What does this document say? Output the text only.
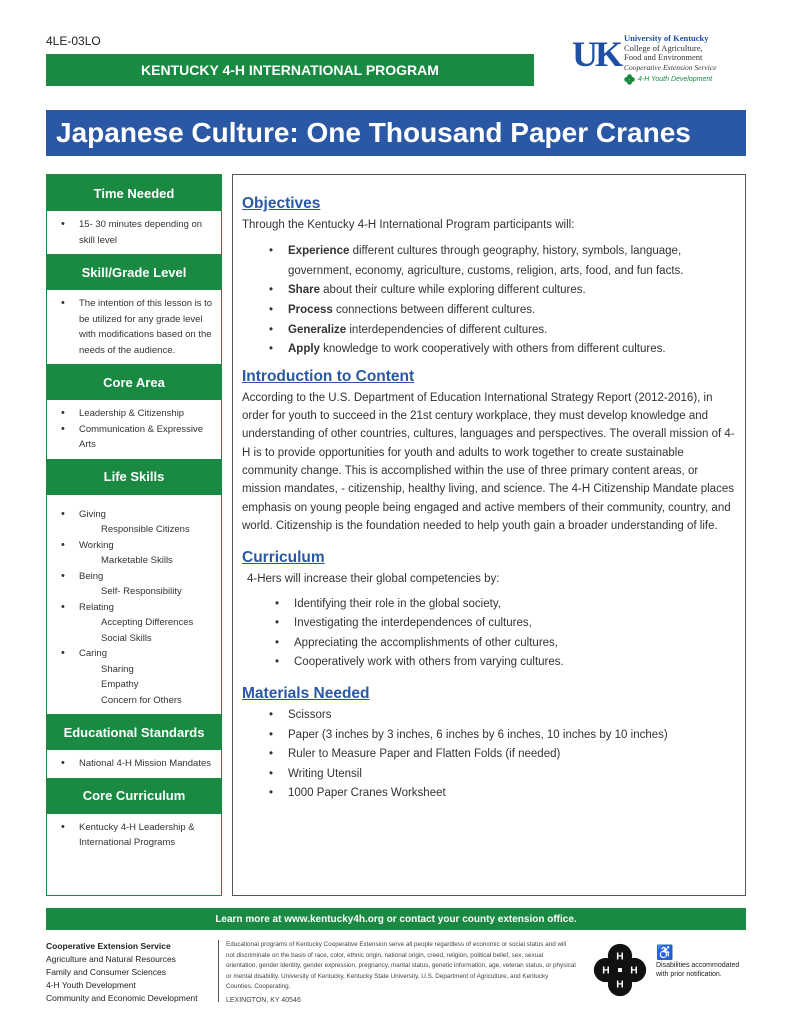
4LE-03LO
KENTUCKY 4-H INTERNATIONAL PROGRAM	UK University of Kentucky
College of Agriculture,
Food and Environment
Cooperative Extension Service
4-H Youth Development
Japanese Culture: One Thousand Paper Cranes
Time Needed
• 15- 30 minutes depending on skill level
Skill/Grade Level
• The intention of this lesson is to be utilized for any grade level with modifications based on the needs of the audience.
Core Area
• Leadership & Citizenship
• Communication & Expressive Arts
Life Skills
• Giving
Responsible Citizens
• Working
Marketable Skills
• Being
Self- Responsibility
• Relating
Accepting Differences
Social Skills
• Caring
Sharing
Empathy
Concern for Others
Educational Standards
• National 4-H Mission Mandates
Core Curriculum
• Kentucky 4-H Leadership & International Programs
Objectives

Through the Kentucky 4-H International Program participants will:

• Experience different cultures through geography, history, symbols, language, government, economy, agriculture, customs, religion, arts, food, and fun facts.
• Share about their culture while exploring different cultures.
• Process connections between different cultures.
• Generalize interdependencies of different cultures.
• Apply knowledge to work cooperatively with others from different cultures.
Introduction to Content

According to the U.S. Department of Education International Strategy Report (2012-2016), in order for youth to succeed in the 21st century workplace, they must develop knowledge and understanding of other countries, cultures, languages and perspectives. The overall mission of 4-H is to provide opportunities for youth and adults to work together to create sustainable community change. This is accomplished within the use of three primary content areas, or mission mandates, - citizenship, healthy living, and science. The 4-H Citizenship Mandate places emphasis on young people being engaged and active members of their community, country, and world. Citizenship is the foundation needed to help youth gain a broader understanding of life.

Curriculum

4-Hers will increase their global competencies by:

• Identifying their role in the global society,
• Investigating the interdependences of cultures,
• Appreciating the accomplishments of other cultures,
• Cooperatively work with others from varying cultures.
Materials Needed
• Scissors
• Paper (3 inches by 3 inches, 6 inches by 6 inches, 10 inches by 10 inches)
• Ruler to Measure Paper and Flatten Folds (if needed)
• Writing Utensil
• 1000 Paper Cranes Worksheet
Learn more at www.kentucky4h.org or contact your county extension office.
Cooperative Extension Service
Agriculture and Natural Resources
Family and Consumer Sciences
4-H Youth Development
Community and Economic Development
Educational programs of Kentucky Cooperative Extension serve all people regardless of economic or social status and will not discriminate on the basis of race, color, ethnic origin, national origin, creed, religion, political belief, sex, sexual orientation, gender identity, gender expression, pregnancy, marital status, genetic information, age, veteran status, or physical or mental disability. University of Kentucky, Kentucky State University, U.S. Department of Agriculture, and Kentucky Counties, Cooperating.
LEXINGTON, KY 40546
H
H
H
H
♿
Disabilities accommodated with prior notification.
